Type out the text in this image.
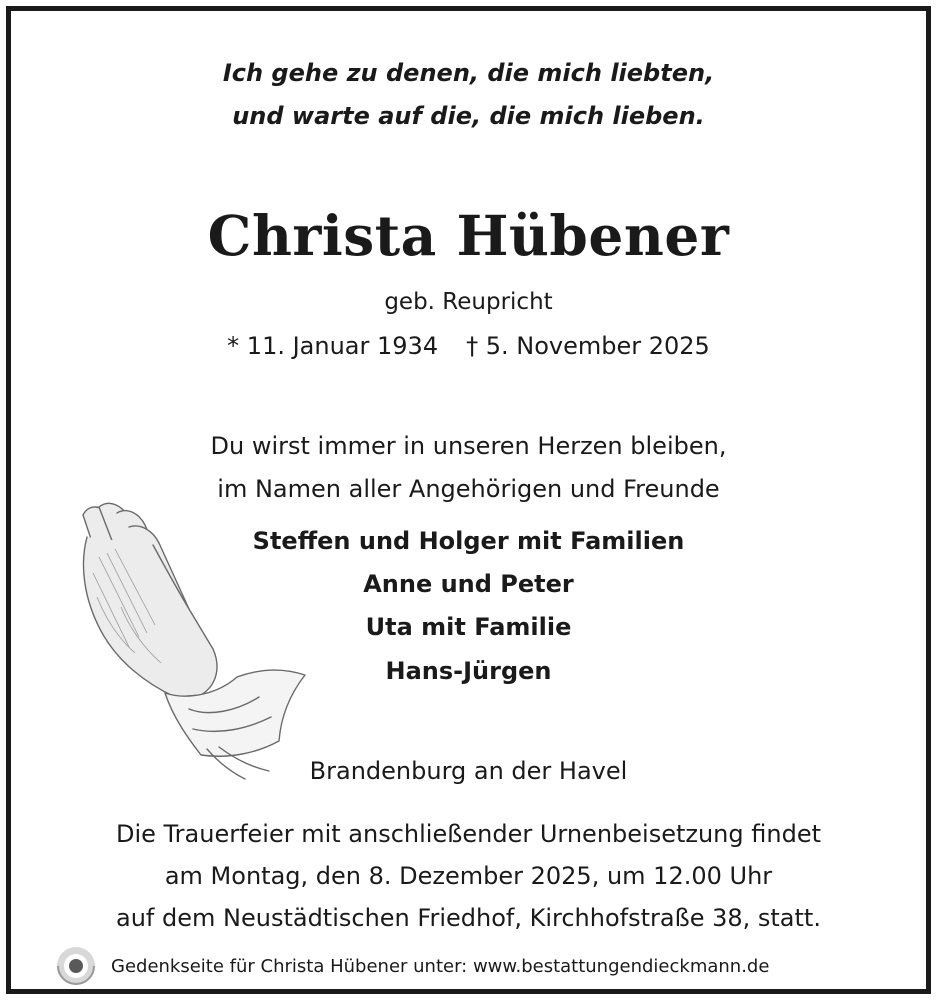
Ich gehe zu denen, die mich liebten,
und warte auf die, die mich lieben.
Christa Hübener
geb. Reupricht
* 11. Januar 1934 † 5. November 2025
Du wirst immer in unseren Herzen bleiben,
im Namen aller Angehörigen und Freunde
Steffen und Holger mit Familien
Anne und Peter
Uta mit Familie
Hans-Jürgen
Brandenburg an der Havel
Die Trauerfeier mit anschließender Urnenbeisetzung findet
am Montag, den 8. Dezember 2025, um 12.00 Uhr
auf dem Neustädtischen Friedhof, Kirchhofstraße 38, statt.
Gedenkseite für Christa Hübener unter: www.bestattungendieckmann.de
